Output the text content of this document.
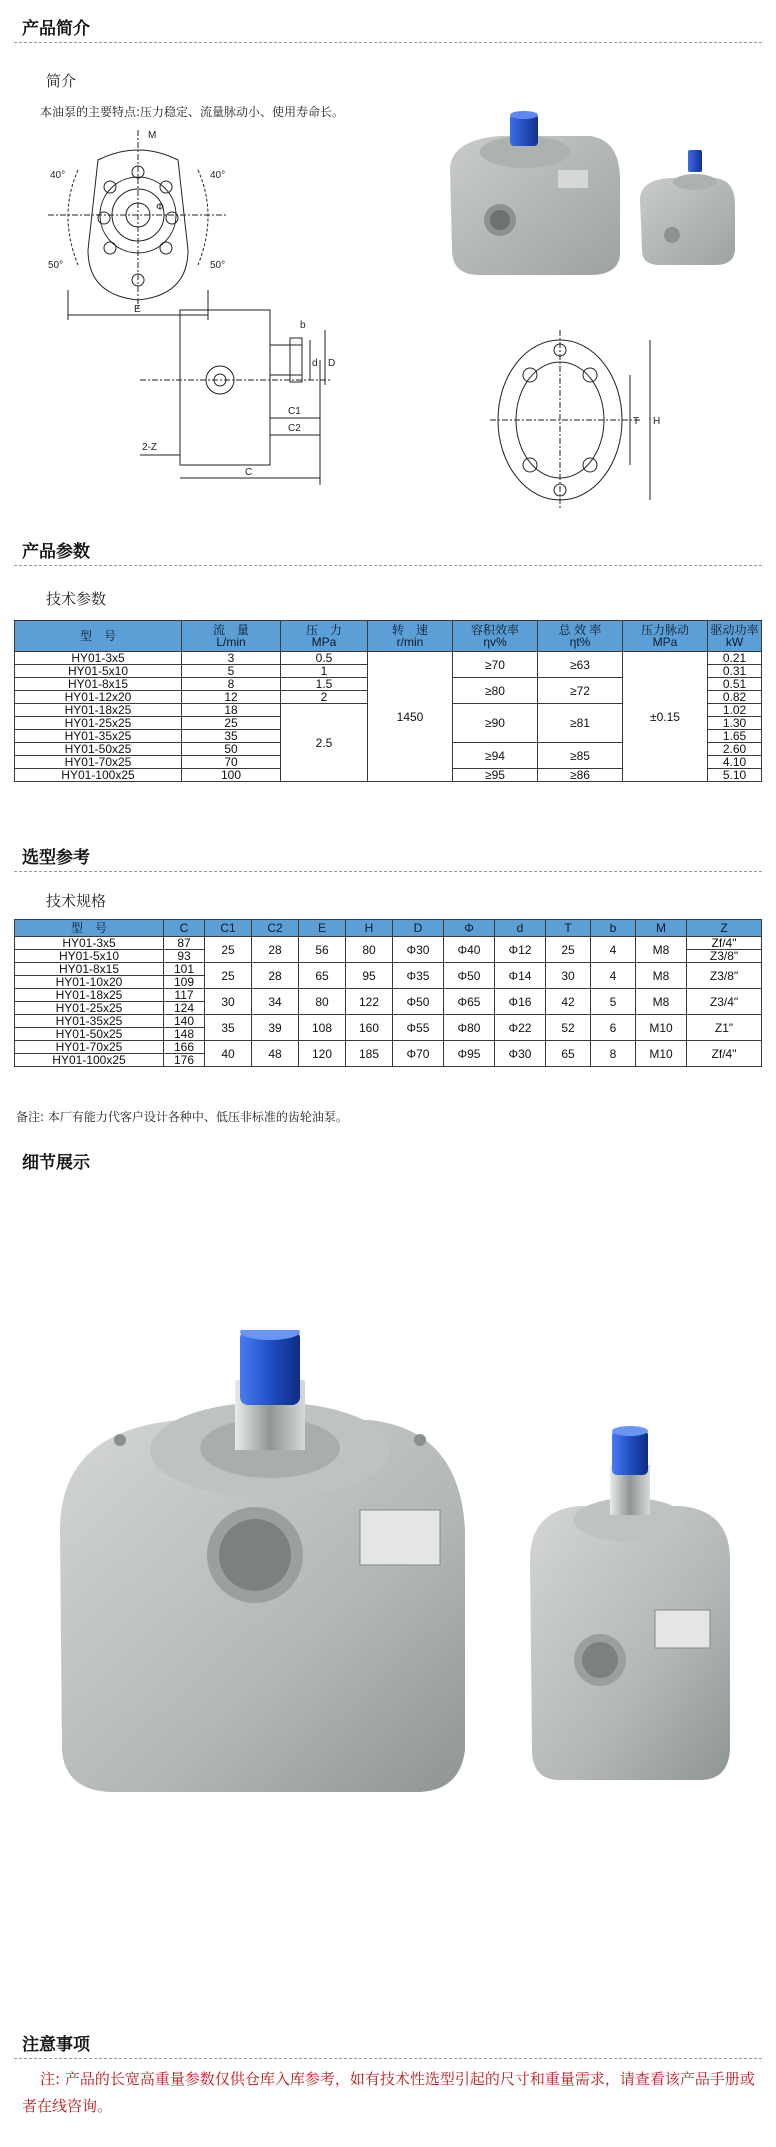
产品简介
简介
本油泵的主要特点:压力稳定、流量脉动小、使用寿命长。
M
40°	40°
Φ
50°	50°
E
b
d D
C1
C2
C
2-Z
T H
产品参数
技术参数
型　号	流　量
L/min	压　力
MPa	转　速
r/min	容积效率
ηv%	总 效 率
ηt%	压力脉动
MPa	驱动功率
kW
HY01-3x5	3	0.5	1450	≥70	≥63	±0.15	0.21
HY01-5x10	5	1					0.31
HY01-8x15	8	1.5		≥80	≥72		0.51
HY01-12x20	12	2					0.82
HY01-18x25	18	2.5		≥90	≥81		1.02
HY01-25x25	25						1.30
HY01-35x25	35						1.65
HY01-50x25	50			≥94	≥85		2.60
HY01-70x25	70						4.10
HY01-100x25	100			≥95	≥86		5.10
选型参考
技术规格
型　号	C	C1	C2	E	H	D	Φ	d	T	b	M	Z
HY01-3x5	87	25	28	56	80	Φ30	Φ40	Φ12	25	4	M8	Zf/4"
HY01-5x10	93											Z3/8"
HY01-8x15	101	25	28	65	95	Φ35	Φ50	Φ14	30	4	M8	Z3/8"
HY01-10x20	109											
HY01-18x25	117	30	34	80	122	Φ50	Φ65	Φ16	42	5	M8	Z3/4"
HY01-25x25	124											
HY01-35x25	140	35	39	108	160	Φ55	Φ80	Φ22	52	6	M10	Z1"
HY01-50x25	148											
HY01-70x25	166	40	48	120	185	Φ70	Φ95	Φ30	65	8	M10	Zf/4"
HY01-100x25	176											
备注: 本厂有能力代客户设计各种中、低压非标准的齿轮油泵。
细节展示
注意事项
注: 产品的长宽高重量参数仅供仓库入库参考，如有技术性选型引起的尺寸和重量需求，请查看该产品手册或者在线咨询。
